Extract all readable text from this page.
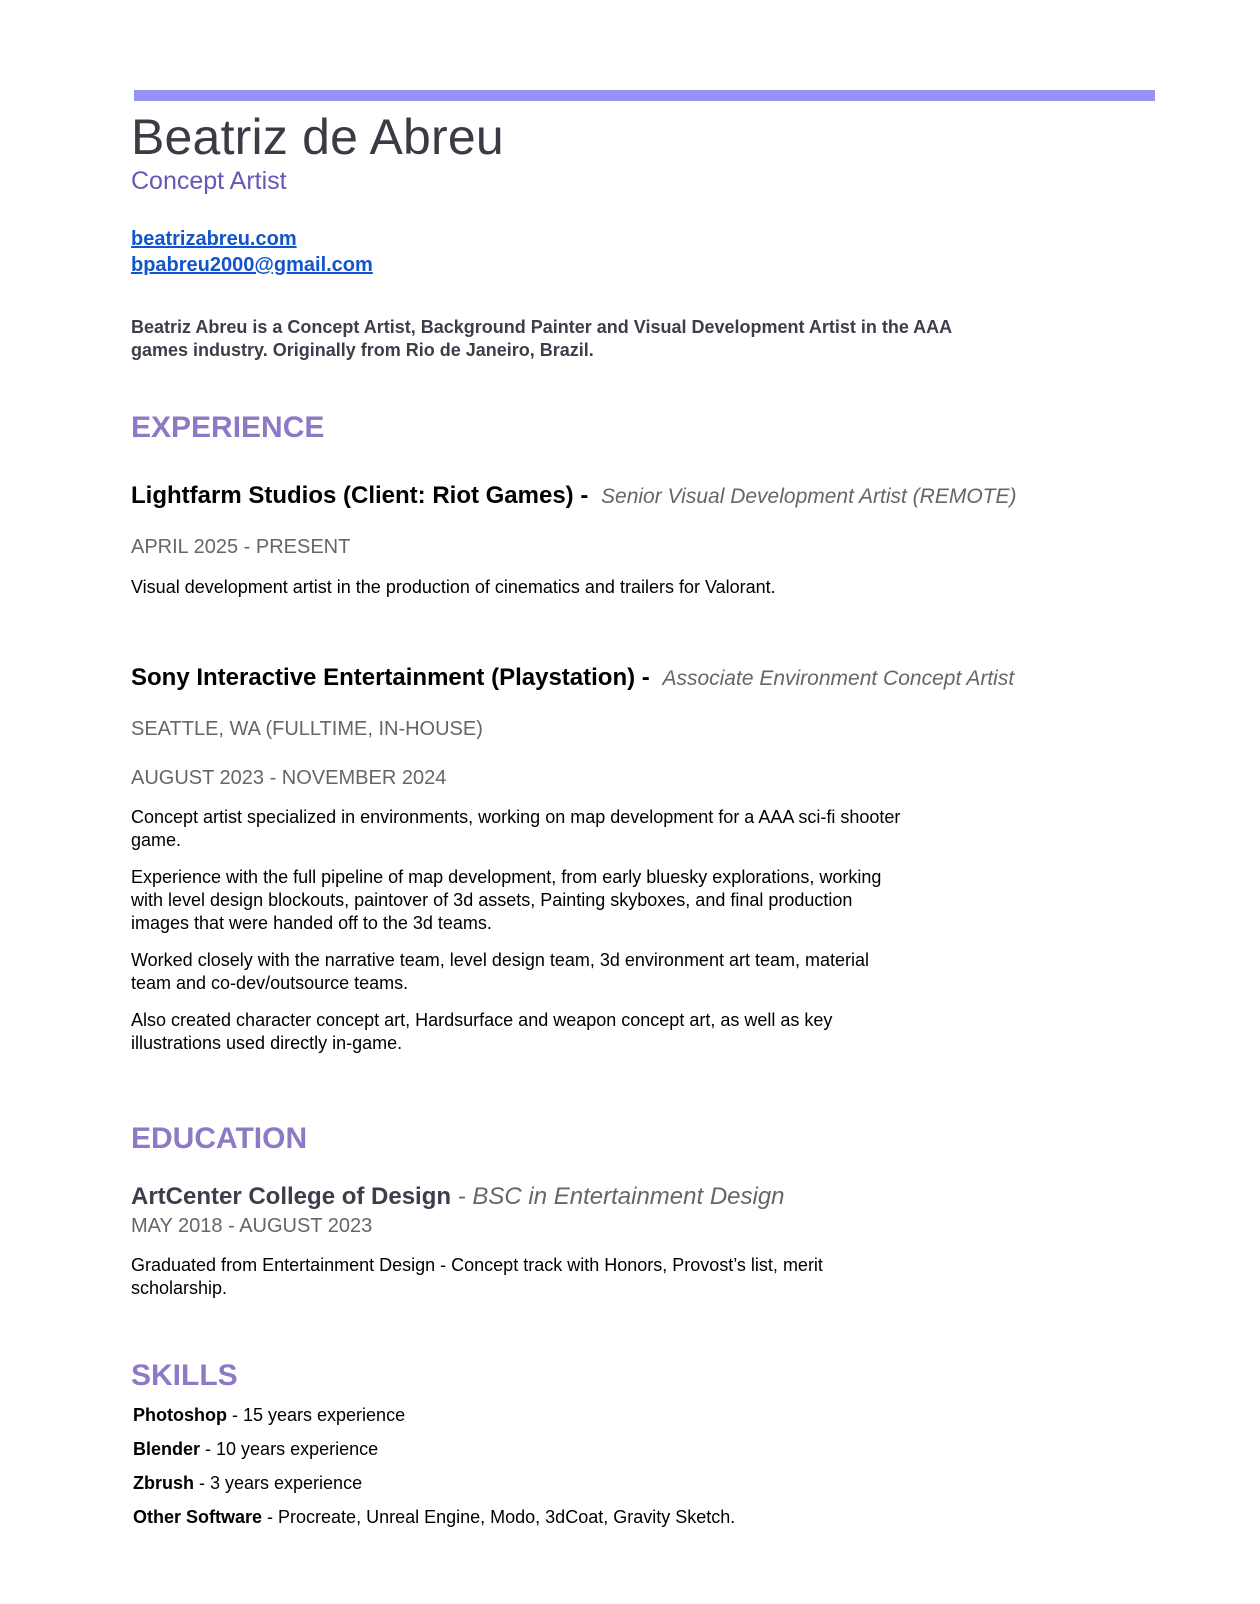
Beatriz de Abreu
Concept Artist
beatrizabreu.com
bpabreu2000@gmail.com
Beatriz Abreu is a Concept Artist, Background Painter and Visual Development Artist in the AAA games industry. Originally from Rio de Janeiro, Brazil.
EXPERIENCE
Lightfarm Studios (Client: Riot Games) - Senior Visual Development Artist (REMOTE)
APRIL 2025 - PRESENT
Visual development artist in the production of cinematics and trailers for Valorant.
Sony Interactive Entertainment (Playstation) - Associate Environment Concept Artist
SEATTLE, WA (FULLTIME, IN-HOUSE)
AUGUST 2023 - NOVEMBER 2024
Concept artist specialized in environments, working on map development for a AAA sci-fi shooter game.
Experience with the full pipeline of map development, from early bluesky explorations, working with level design blockouts, paintover of 3d assets, Painting skyboxes, and final production images that were handed off to the 3d teams.
Worked closely with the narrative team, level design team, 3d environment art team, material team and co-dev/outsource teams.
Also created character concept art, Hardsurface and weapon concept art, as well as key illustrations used directly in-game.
EDUCATION
ArtCenter College of Design - BSC in Entertainment Design
MAY 2018 - AUGUST 2023
Graduated from Entertainment Design - Concept track with Honors, Provost’s list, merit scholarship.
SKILLS
Photoshop - 15 years experience
Blender - 10 years experience
Zbrush - 3 years experience
Other Software - Procreate, Unreal Engine, Modo, 3dCoat, Gravity Sketch.
